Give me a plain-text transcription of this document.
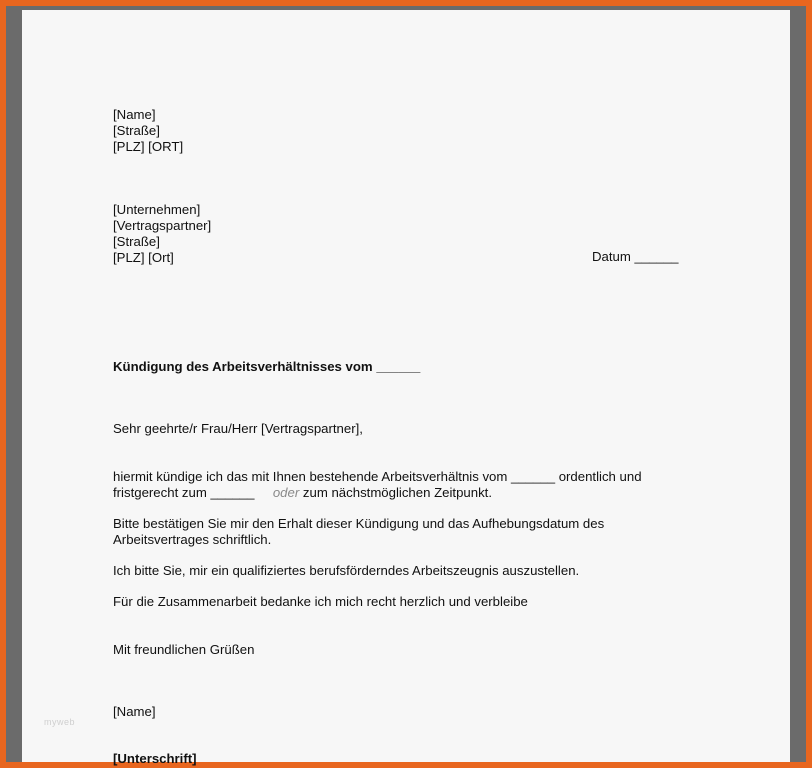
[Name]
[Straße]
[PLZ] [ORT]
[Unternehmen]
[Vertragspartner]
[Straße]
[PLZ] [Ort]	Datum ______
Kündigung des Arbeitsverhältnisses vom ______
Sehr geehrte/r Frau/Herr [Vertragspartner],
hiermit kündige ich das mit Ihnen bestehende Arbeitsverhältnis vom ______ ordentlich und
fristgerecht zum ______ oder zum nächstmöglichen Zeitpunkt.
Bitte bestätigen Sie mir den Erhalt dieser Kündigung und das Aufhebungsdatum des
Arbeitsvertrages schriftlich.
Ich bitte Sie, mir ein qualifiziertes berufsförderndes Arbeitszeugnis auszustellen.
Für die Zusammenarbeit bedanke ich mich recht herzlich und verbleibe
Mit freundlichen Grüßen
[Name]
[Unterschrift]
myweb
